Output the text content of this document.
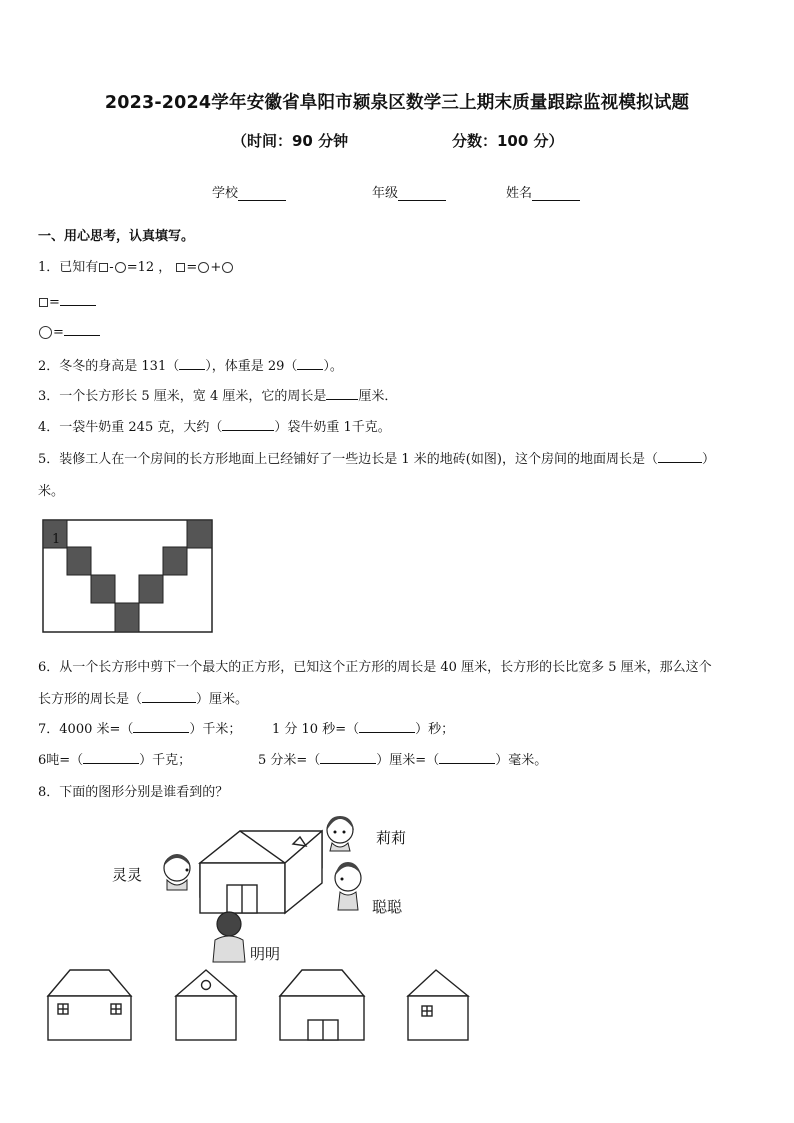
2023-2024学年安徽省阜阳市颍泉区数学三上期末质量跟踪监视模拟试题
（时间：90 分钟	分数：100 分）
学校	年级	姓名
一、用心思考，认真填写。
1．已知有 - =12 ， = +
=
=
2．冬冬的身高是 131（ ），体重是 29（ ）。
3．一个长方形长 5 厘米，宽 4 厘米，它的周长是 厘米．
4．一袋牛奶重 245 克，大约（	）袋牛奶重 1千克。
5．装修工人在一个房间的长方形地面上已经铺好了一些边长是 1 米的地砖(如图)，这个房间的地面周长是（	）
米。
1
6．从一个长方形中剪下一个最大的正方形，已知这个正方形的周长是 40 厘米，长方形的长比宽多 5 厘米，那么这个
长方形的周长是（	）厘米。
7．4000 米=（	）千米； 1 分 10 秒=（	）秒；
6吨=（	）千克；	5 分米=（	）厘米=（	）毫米。
8．下面的图形分别是谁看到的？
灵灵
莉莉
聪聪
明明
